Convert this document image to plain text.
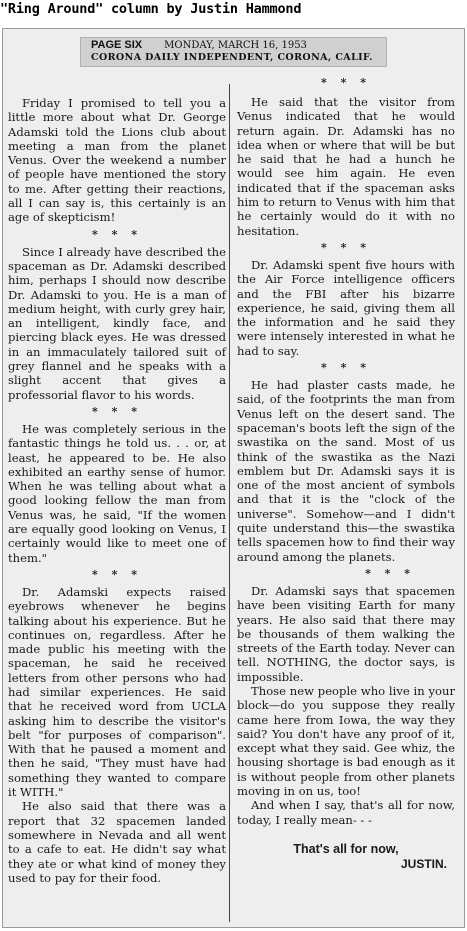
"Ring Around" column by Justin Hammond
PAGE SIX MONDAY, MARCH 16, 1953
CORONA DAILY INDEPENDENT, CORONA, CALIF.

Friday I promised to tell you a little more about what Dr. George Adamski told the Lions club about meeting a man from the planet Venus. Over the weekend a number of people have mentioned the story to me. After getting their reactions, all I can say is, this certainly is an age of skepticism!

* * *

Since I already have described the spaceman as Dr. Adamski described him, perhaps I should now describe Dr. Adamski to you. He is a man of medium height, with curly grey hair, an intelligent, kindly face, and piercing black eyes. He was dressed in an immaculately tailored suit of grey flannel and he speaks with a slight accent that gives a professorial flavor to his words.

* * *

He was completely serious in the fantastic things he told us. . . or, at least, he appeared to be. He also exhibited an earthy sense of humor. When he was telling about what a good looking fellow the man from Venus was, he said, "If the women are equally good looking on Venus, I certainly would like to meet one of them."

* * *

Dr. Adamski expects raised eyebrows whenever he begins talking about his experience. But he continues on, regardless. After he made public his meeting with the spaceman, he said he received letters from other persons who had had similar experiences. He said that he received word from UCLA asking him to describe the visitor's belt "for purposes of comparison". With that he paused a moment and then he said, "They must have had something they wanted to compare it WITH."

He also said that there was a report that 32 spacemen landed somewhere in Nevada and all went to a cafe to eat. He didn't say what they ate or what kind of money they used to pay for their food.

* * *

He said that the visitor from Venus indicated that he would return again. Dr. Adamski has no idea when or where that will be but he said that he had a hunch he would see him again. He even indicated that if the spaceman asks him to return to Venus with him that he certainly would do it with no hesitation.

* * *

Dr. Adamski spent five hours with the Air Force intelligence officers and the FBI after his bizarre experience, he said, giving them all the information and he said they were intensely interested in what he had to say.

* * *

He had plaster casts made, he said, of the footprints the man from Venus left on the desert sand. The spaceman's boots left the sign of the swastika on the sand. Most of us think of the swastika as the Nazi emblem but Dr. Adamski says it is one of the most ancient of symbols and that it is the "clock of the universe". Somehow—and I didn't quite understand this—the swastika tells spacemen how to find their way around among the planets.

* * *

Dr. Adamski says that spacemen have been visiting Earth for many years. He also said that there may be thousands of them walking the streets of the Earth today. Never can tell. NOTHING, the doctor says, is impossible.

Those new people who live in your block—do you suppose they really came here from Iowa, the way they said? You don't have any proof of it, except what they said. Gee whiz, the housing shortage is bad enough as it is without people from other planets moving in on us, too!

And when I say, that's all for now, today, I really mean- - -

That's all for now,
JUSTIN.
